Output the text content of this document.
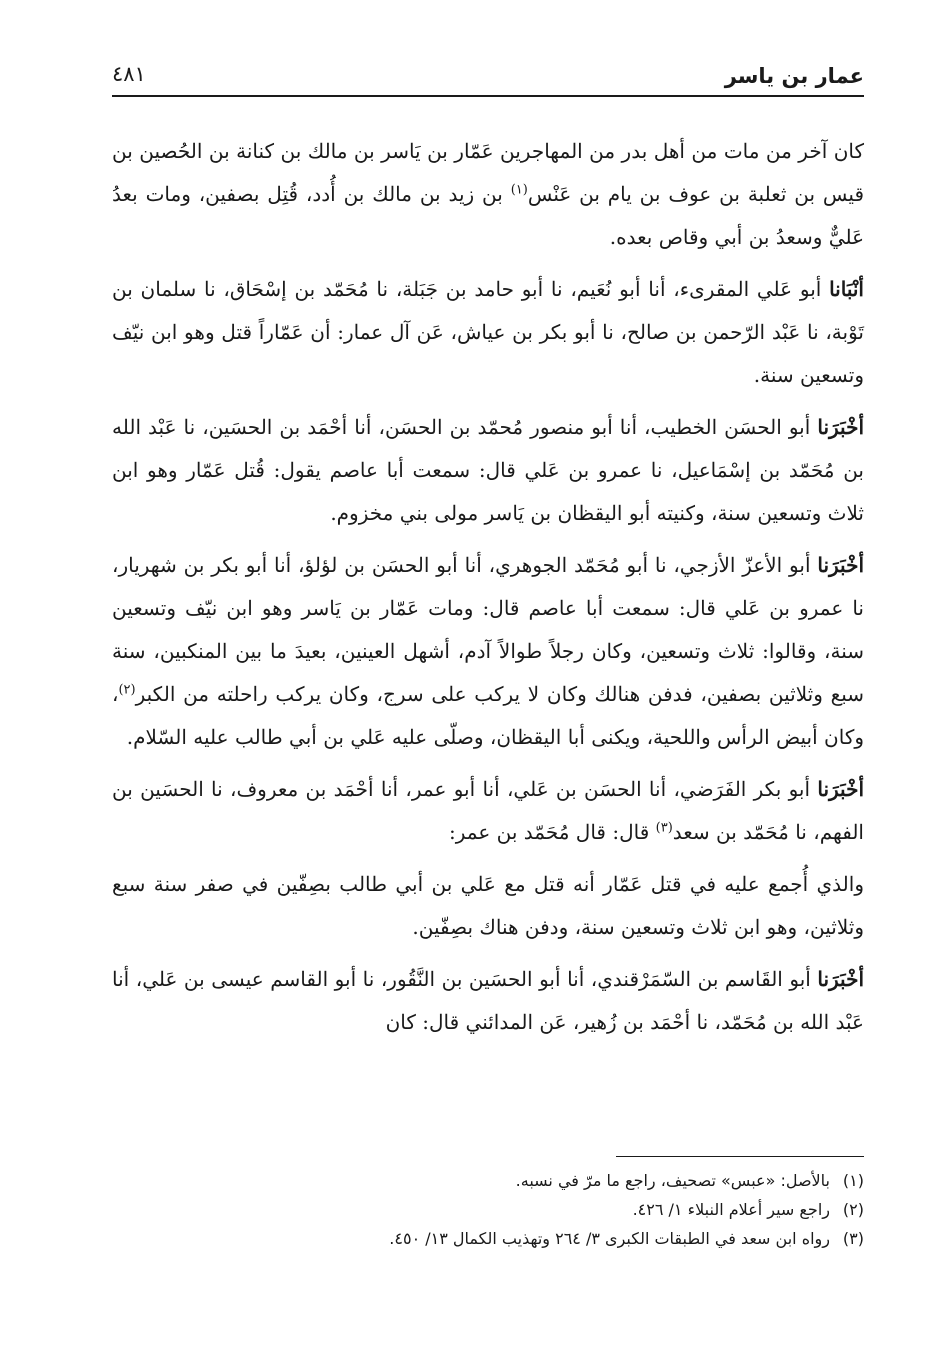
عمار بن ياسر
٤٨١

كان آخر من مات من أهل بدر من المهاجرين عَمّار بن يَاسر بن مالك بن كنانة بن الحُصين بن قيس بن ثعلبة بن عوف بن يام بن عَنْس$^{(١)}$ بن زيد بن مالك بن أُدد، قُتِل بصفين، ومات بعدُ عَليٌّ وسعدُ بن أبي وقاص بعده.

أنْبَانا أبو عَلي المقرىء، أنا أبو نُعَيم، نا أبو حامد بن جَبَلة، نا مُحَمّد بن إسْحَاق، نا سلمان بن تَوْبة، نا عَبْد الرّحمن بن صالح، نا أبو بكر بن عياش، عَن آل عمار: أن عَمّاراً قتل وهو ابن نيّف وتسعين سنة.

أخْبَرَنا أبو الحسَن الخطيب، أنا أبو منصور مُحمّد بن الحسَن، أنا أحْمَد بن الحسَين، نا عَبْد الله بن مُحَمّد بن إسْمَاعيل، نا عمرو بن عَلي قال: سمعت أبا عاصم يقول: قُتل عَمّار وهو ابن ثلاث وتسعين سنة، وكنيته أبو اليقظان بن يَاسر مولى بني مخزوم.

أخْبَرَنا أبو الأعزّ الأزجي، نا أبو مُحَمّد الجوهري، أنا أبو الحسَن بن لؤلؤ، أنا أبو بكر بن شهريار، نا عمرو بن عَلي قال: سمعت أبا عاصم قال: ومات عَمّار بن يَاسر وهو ابن نيّف وتسعين سنة، وقالوا: ثلاث وتسعين، وكان رجلاً طوالاً آدم، أشهل العينين، بعيدَ ما بين المنكبين، سنة سبع وثلاثين بصفين، فدفن هنالك وكان لا يركب على سرج، وكان يركب راحلته من الكبر$^{(٢)}$، وكان أبيض الرأس واللحية، ويكنى أبا اليقظان، وصلّى عليه عَلي بن أبي طالب عليه السّلام.

أخْبَرَنا أبو بكر الفَرَضي، أنا الحسَن بن عَلي، أنا أبو عمر، أنا أحْمَد بن معروف، نا الحسَين بن الفهم، نا مُحَمّد بن سعد$^{(٣)}$ قال: قال مُحَمّد بن عمر:

والذي أُجمع عليه في قتل عَمّار أنه قتل مع عَلي بن أبي طالب بصِفّين في صفر سنة سبع وثلاثين، وهو ابن ثلاث وتسعين سنة، ودفن هناك بصِفّين.

أخْبَرَنا أبو القَاسم بن السّمَرْقندي، أنا أبو الحسَين بن النَّقُور، نا أبو القاسم عيسى بن عَلي، أنا عَبْد الله بن مُحَمّد، نا أحْمَد بن زُهير، عَن المدائني قال: كان

(١)بالأصل: «عبس» تصحيف، راجع ما مرّ في نسبه.
(٢)راجع سير أعلام النبلاء ١/ ٤٢٦.
(٣)رواه ابن سعد في الطبقات الكبرى ٣/ ٢٦٤ وتهذيب الكمال ١٣/ ٤٥٠.
